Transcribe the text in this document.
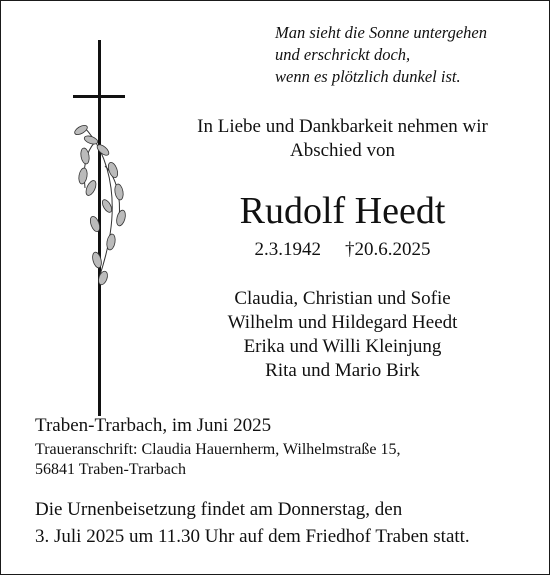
Man sieht die Sonne untergehen
und erschrickt doch,
wenn es plötzlich dunkel ist.
In Liebe und Dankbarkeit nehmen wir
Abschied von
Rudolf Heedt
2.3.1942 †20.6.2025
Claudia, Christian und Sofie
Wilhelm und Hildegard Heedt
Erika und Willi Kleinjung
Rita und Mario Birk
Traben-Trarbach, im Juni 2025
Traueranschrift: Claudia Hauernherm, Wilhelmstraße 15,
56841 Traben-Trarbach
Die Urnenbeisetzung findet am Donnerstag, den
3. Juli 2025 um 11.30 Uhr auf dem Friedhof Traben statt.
